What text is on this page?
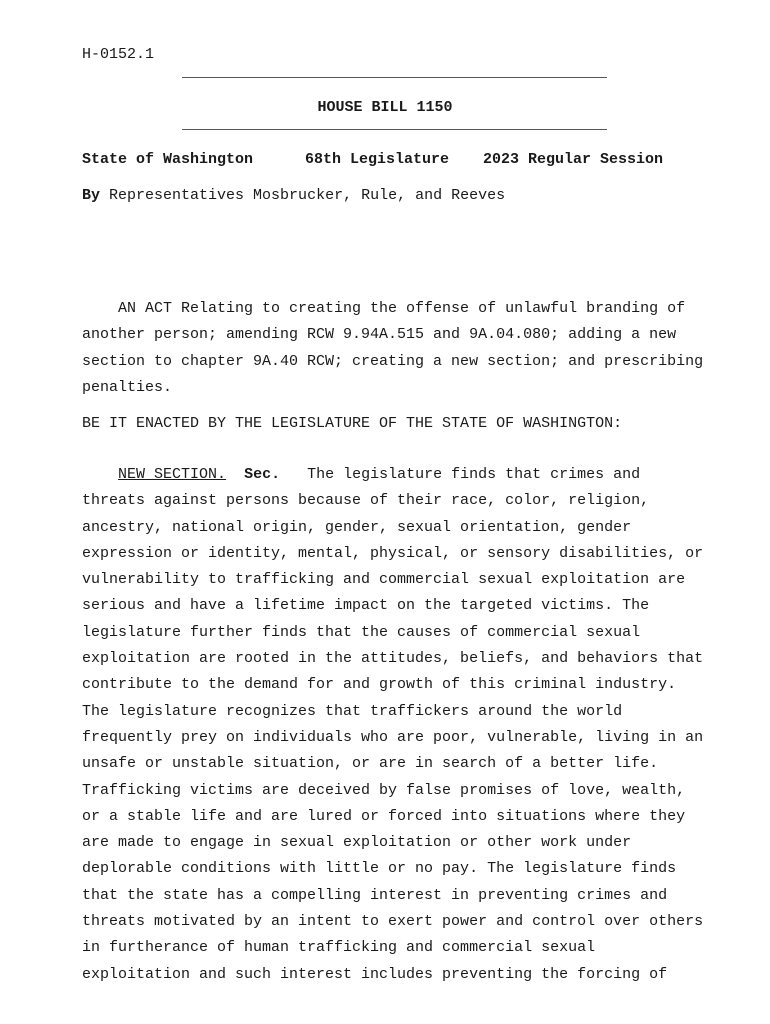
H-0152.1
HOUSE BILL 1150
State of Washington	68th Legislature 2023 Regular Session
By Representatives Mosbrucker, Rule, and Reeves
AN ACT Relating to creating the offense of unlawful branding of
another person; amending RCW 9.94A.515 and 9A.04.080; adding a new
section to chapter 9A.40 RCW; creating a new section; and prescribing
penalties.
BE IT ENACTED BY THE LEGISLATURE OF THE STATE OF WASHINGTON:
NEW SECTION. Sec. The legislature finds that crimes and
threats against persons because of their race, color, religion,
ancestry, national origin, gender, sexual orientation, gender
expression or identity, mental, physical, or sensory disabilities, or
vulnerability to trafficking and commercial sexual exploitation are
serious and have a lifetime impact on the targeted victims. The
legislature further finds that the causes of commercial sexual
exploitation are rooted in the attitudes, beliefs, and behaviors that
contribute to the demand for and growth of this criminal industry.
The legislature recognizes that traffickers around the world
frequently prey on individuals who are poor, vulnerable, living in an
unsafe or unstable situation, or are in search of a better life.
Trafficking victims are deceived by false promises of love, wealth,
or a stable life and are lured or forced into situations where they
are made to engage in sexual exploitation or other work under
deplorable conditions with little or no pay. The legislature finds
that the state has a compelling interest in preventing crimes and
threats motivated by an intent to exert power and control over others
in furtherance of human trafficking and commercial sexual
exploitation and such interest includes preventing the forcing of
